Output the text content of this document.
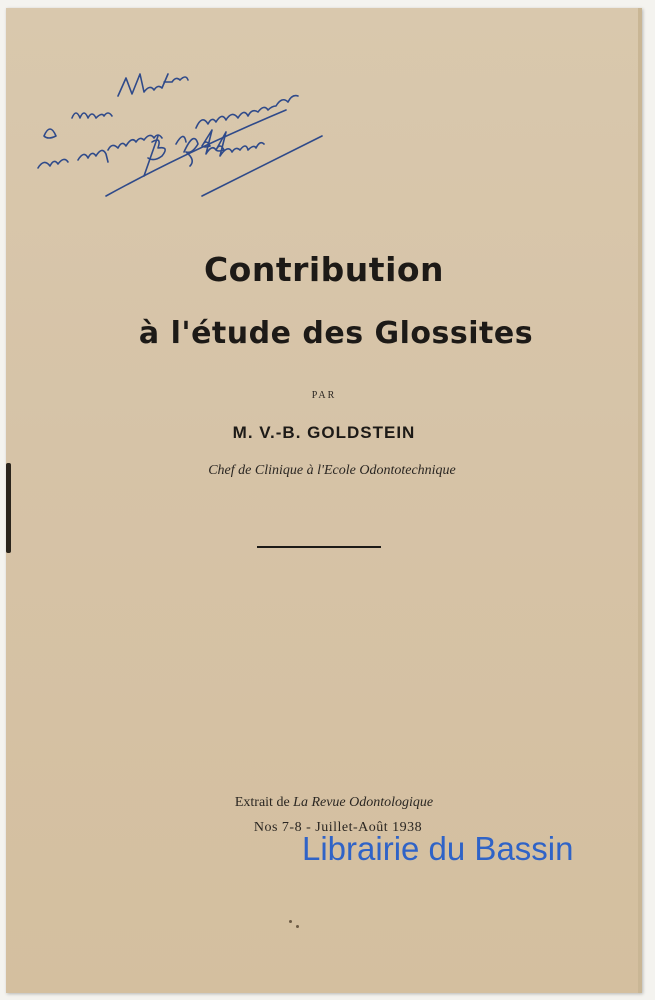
Contribution
à l'étude des Glossites
PAR
M. V.-B. GOLDSTEIN
Chef de Clinique à l'Ecole Odontotechnique
Extrait de La Revue Odontologique
Nos 7-8 - Juillet-Août 1938
Librairie du Bassin
